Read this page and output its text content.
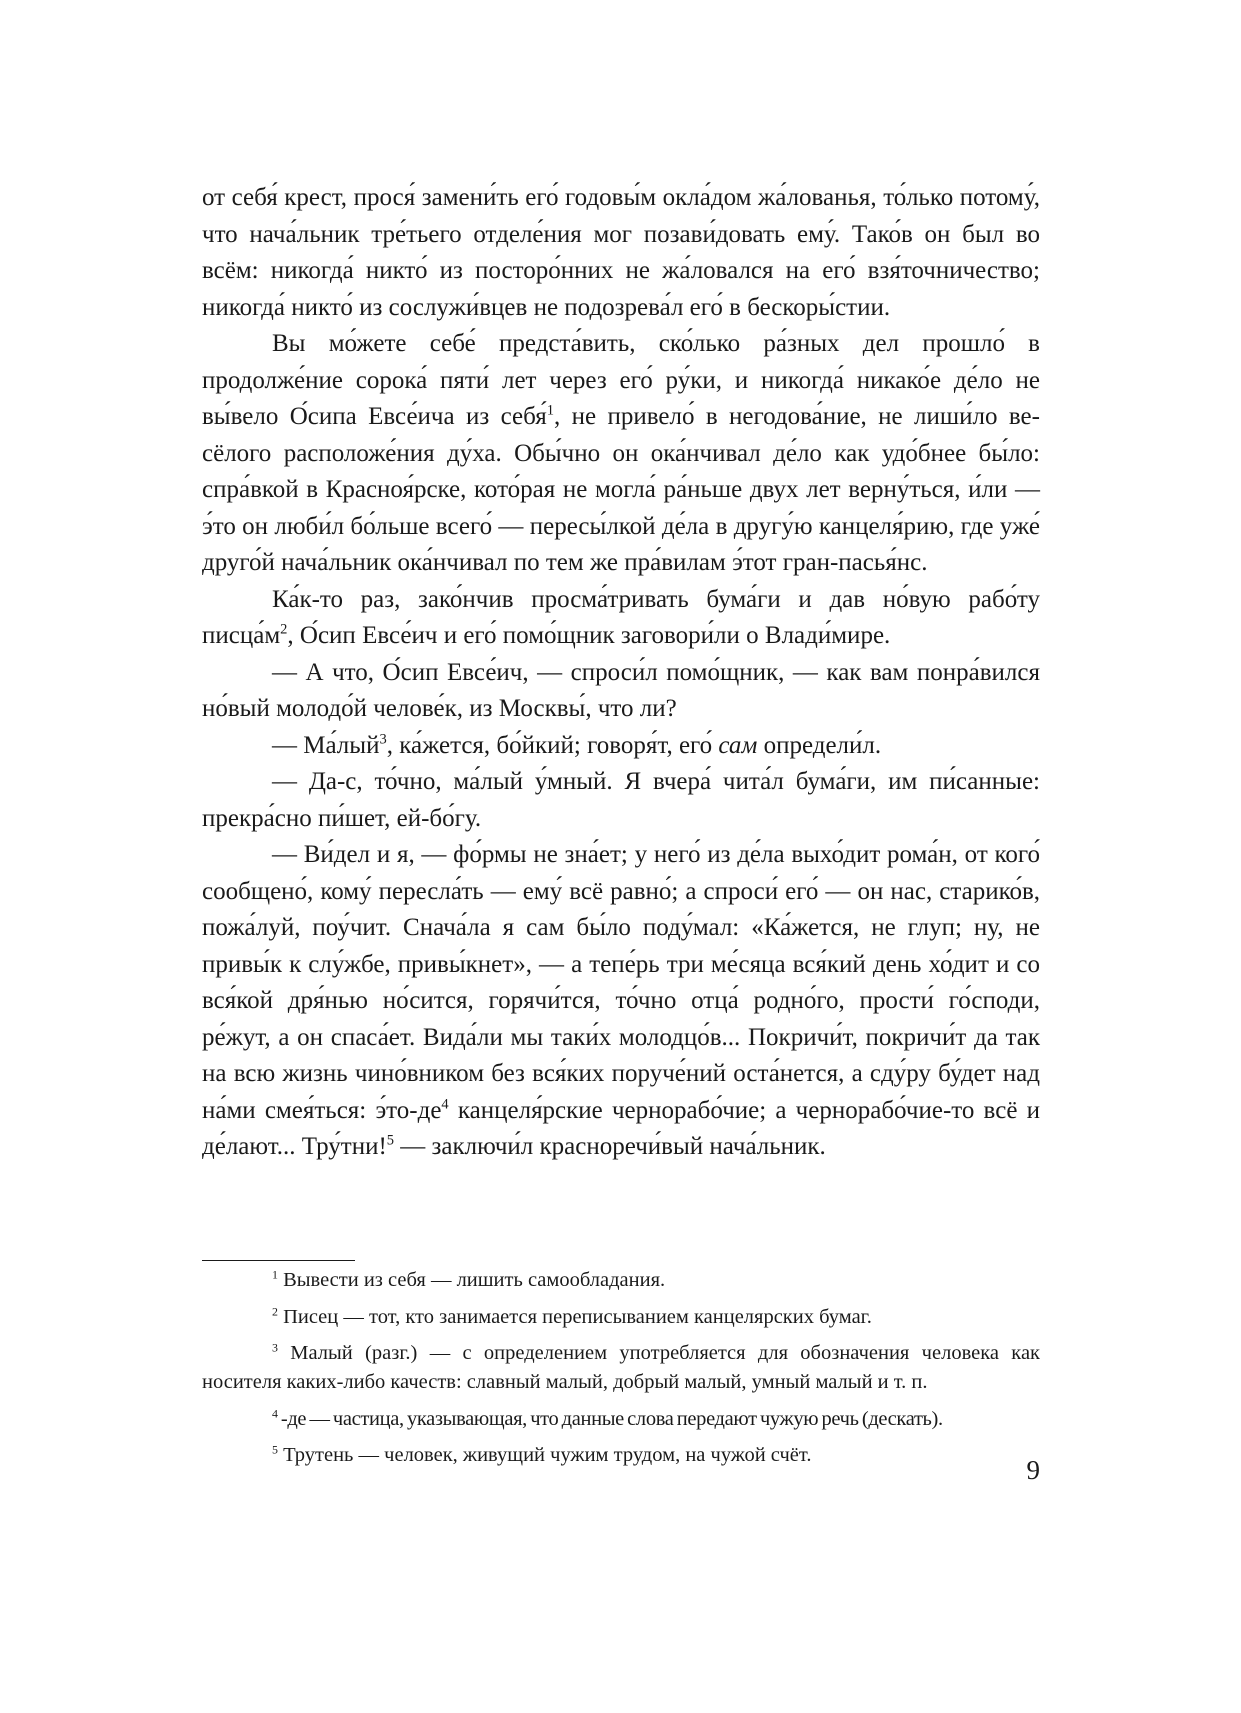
от себя́ крест, прося́ замени́ть его́ годовы́м окла́дом жа́лованья, то́лько потому́, что нача́льник тре́тьего отделе́ния мог позави́довать ему́. Тако́в он был во всём: никогда́ никто́ из посторо́нних не жа́ловался на его́ взя́точничество; никогда́ никто́ из сослужи́вцев не подозрева́л его́ в бескоры́стии.

Вы мо́жете себе́ предста́вить, ско́лько ра́зных дел прошло́ в продолже́ние сорока́ пяти́ лет через его́ ру́ки, и никогда́ никако́е де́ло не вы́вело О́сипа Евсе́ича из себя́$^1$, не привело́ в негодова́ние, не лиши́ло весёлого расположе́ния ду́ха. Обы́чно он ока́нчивал де́ло как удо́бнее бы́ло: спра́вкой в Красноя́рске, кото́рая не могла́ ра́ньше двух лет верну́ться, и́ли — э́то он люби́л бо́льше всего́ — пересы́лкой де́ла в другу́ю канцеля́рию, где уже́ друго́й нача́льник ока́нчивал по тем же пра́вилам э́тот гран-пасья́нс.

Ка́к-то раз, зако́нчив просма́тривать бума́ги и дав но́вую рабо́ту $писца́м^2$, О́сип Евсе́ич и его́ помо́щник заговори́ли о Влади́мире.

— А что, О́сип Евсе́ич, — спроси́л помо́щник, — как вам понра́вился но́вый молодо́й челове́к, из Москвы́, что ли?

— Ма́лый$^3$, ка́жется, бо́йкий; говоря́т, его́ сам определи́л.

— Да-с, то́чно, ма́лый у́мный. Я вчера́ чита́л бума́ги, им пи́санные: прекра́сно пи́шет, ей-бо́гу.

— Ви́дел и я, — фо́рмы не зна́ет; у него́ из де́ла выхо́дит рома́н, от кого́ сообщено́, кому́ пересла́ть — ему́ всё равно́; а спроси́ его́ — он нас, старико́в, пожа́луй, поу́чит. Снача́ла я сам бы́ло поду́мал: «Ка́жется, не глуп; ну, не привы́к к слу́жбе, привы́кнет», — а тепе́рь три ме́сяца вся́кий день хо́дит и со вся́кой дря́нью но́сится, горячи́тся, то́чно отца́ родно́го, прости́ го́споди, ре́жут, а он спаса́ет. Вида́ли мы таки́х молодцо́в... Покричи́т, покричи́т да так на всю жизнь чино́вником без вся́ких поруче́ний оста́нется, а сду́ру бу́дет над на́ми смея́ться: $э́то-де^4$ канцеля́рские чернорабо́чие; а чернорабо́чие-то всё и де́лают... Тру́тни!$^5$ — заключи́л красноречи́вый нача́льник.

$^1$ Вывести из себя — лишить самообладания.

$^2$ Писец — тот, кто занимается переписыванием канцелярских бумаг.

$^3$ Малый (разг.) — с определением употребляется для обозначения человека как носителя каких-либо качеств: славный малый, добрый малый, умный малый и т. п.

$^4$ -де — частица, указывающая, что данные слова передают чужую речь (дескать).

$^5$ Трутень — человек, живущий чужим трудом, на чужой счёт.	9
